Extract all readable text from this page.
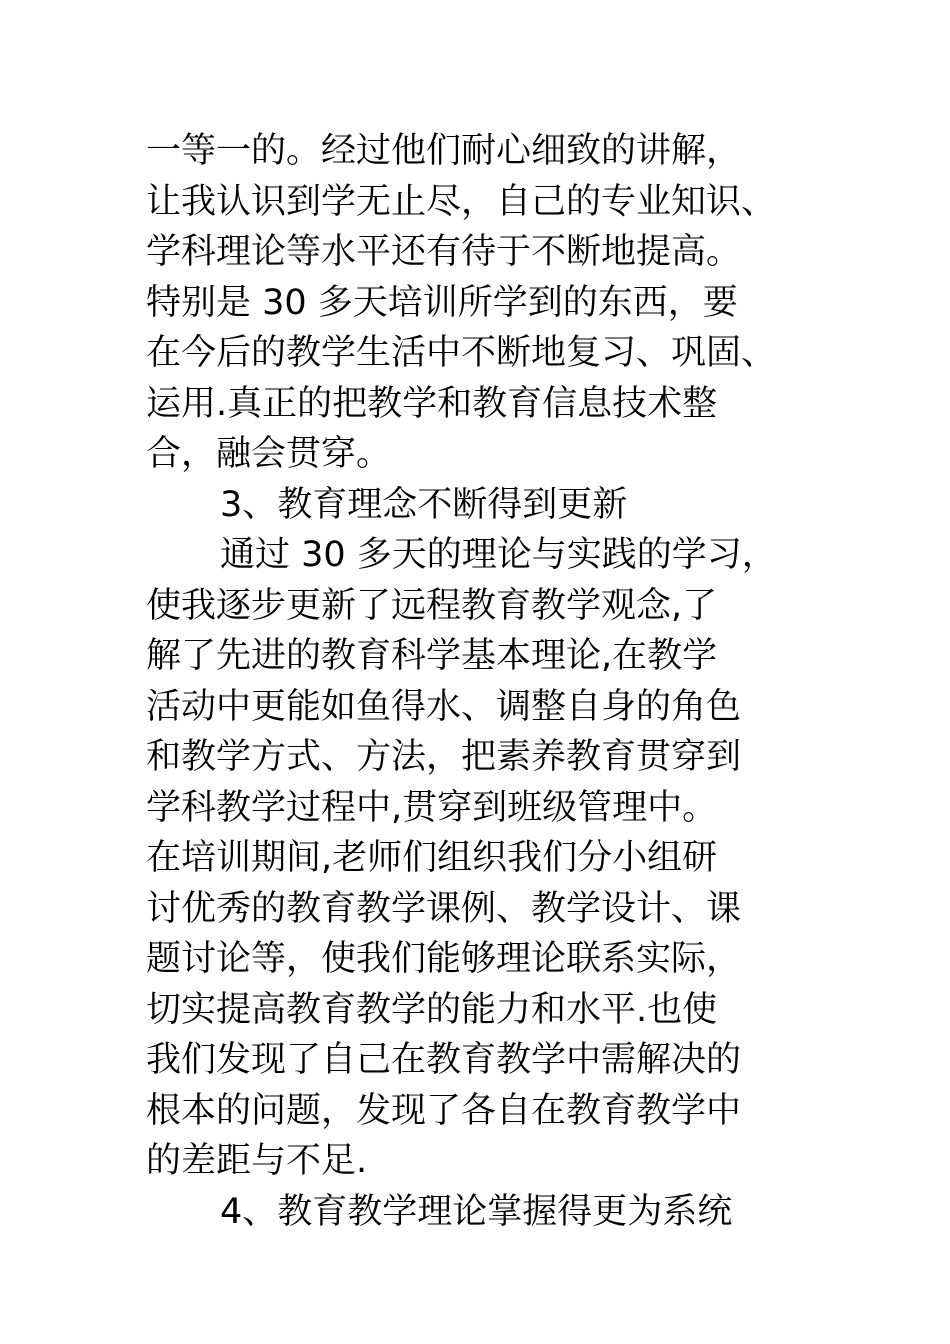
一等一的。经过他们耐心细致的讲解，
让我认识到学无止尽，自己的专业知识、
学科理论等水平还有待于不断地提高。
特别是 30 多天培训所学到的东西，要
在今后的教学生活中不断地复习、巩固、
运用.真正的把教学和教育信息技术整
合，融会贯穿。
3、教育理念不断得到更新
通过 30 多天的理论与实践的学习，
使我逐步更新了远程教育教学观念,了
解了先进的教育科学基本理论,在教学
活动中更能如鱼得水、调整自身的角色
和教学方式、方法，把素养教育贯穿到
学科教学过程中,贯穿到班级管理中。
在培训期间,老师们组织我们分小组研
讨优秀的教育教学课例、教学设计、课
题讨论等，使我们能够理论联系实际，
切实提高教育教学的能力和水平.也使
我们发现了自己在教育教学中需解决的
根本的问题，发现了各自在教育教学中
的差距与不足.
4、教育教学理论掌握得更为系统
